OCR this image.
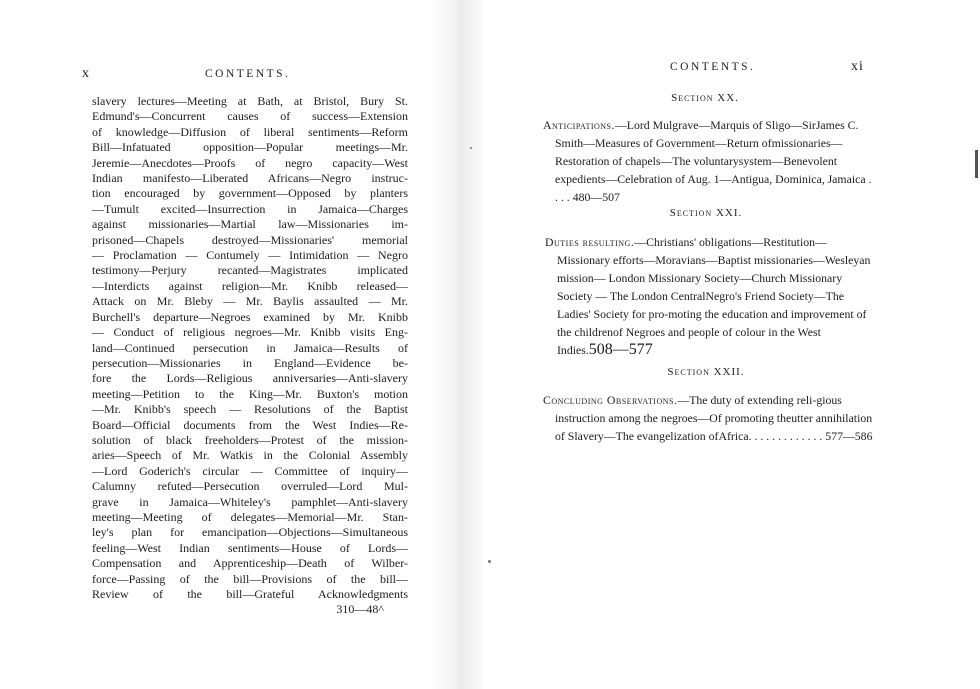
x	CONTENTS.
slavery lectures—Meeting at Bath, at Bristol, Bury St.
Edmund's—Concurrent causes of success—Extension
of knowledge—Diffusion of liberal sentiments—Reform
Bill—Infatuated opposition—Popular meetings—Mr.
Jeremie—Anecdotes—Proofs of negro capacity—West
Indian manifesto—Liberated Africans—Negro instruc-
tion encouraged by government—Opposed by planters
—Tumult excited—Insurrection in Jamaica—Charges
against missionaries—Martial law—Missionaries im-
prisoned—Chapels destroyed—Missionaries' memorial
— Proclamation — Contumely — Intimidation — Negro
testimony—Perjury recanted—Magistrates implicated
—Interdicts against religion—Mr. Knibb released—
Attack on Mr. Bleby — Mr. Baylis assaulted — Mr.
Burchell's departure—Negroes examined by Mr. Knibb
— Conduct of religious negroes—Mr. Knibb visits Eng-
land—Continued persecution in Jamaica—Results of
persecution—Missionaries in England—Evidence be-
fore the Lords—Religious anniversaries—Anti-slavery
meeting—Petition to the King—Mr. Buxton's motion
—Mr. Knibb's speech — Resolutions of the Baptist
Board—Official documents from the West Indies—Re-
solution of black freeholders—Protest of the mission-
aries—Speech of Mr. Watkis in the Colonial Assembly
—Lord Goderich's circular — Committee of inquiry—
Calumny refuted—Persecution overruled—Lord Mul-
grave in Jamaica—Whiteley's pamphlet—Anti-slavery
meeting—Meeting of delegates—Memorial—Mr. Stan-
ley's plan for emancipation—Objections—Simultaneous
feeling—West Indian sentiments—House of Lords—
Compensation and Apprenticeship—Death of Wilber-
force—Passing of the bill—Provisions of the bill—
Review of the bill—Grateful Acknowledgments
310—48^
CONTENTS.	xi
Section XX.
Anticipations.—Lord Mulgrave—Marquis of Sligo—SirJames C. Smith—Measures of Government—Return ofmissionaries—Restoration of chapels—The voluntarysystem—Benevolent expedients—Celebration of Aug. 1—Antigua, Dominica, Jamaica . . . . 480—507
Section XXI.
Duties resulting.—Christians' obligations—Restitution—Missionary efforts—Moravians—Baptist missionaries—Wesleyan mission— London Missionary Society—Church Missionary Society — The London CentralNegro's Friend Society—The Ladies' Society for pro-moting the education and improvement of the childrenof Negroes and people of colour in the West Indies.508—577
Section XXII.
Concluding Observations.—The duty of extending reli-gious instruction among the negroes—Of promoting theutter annihilation of Slavery—The evangelization ofAfrica. . . . . . . . . . . . . 577—586
